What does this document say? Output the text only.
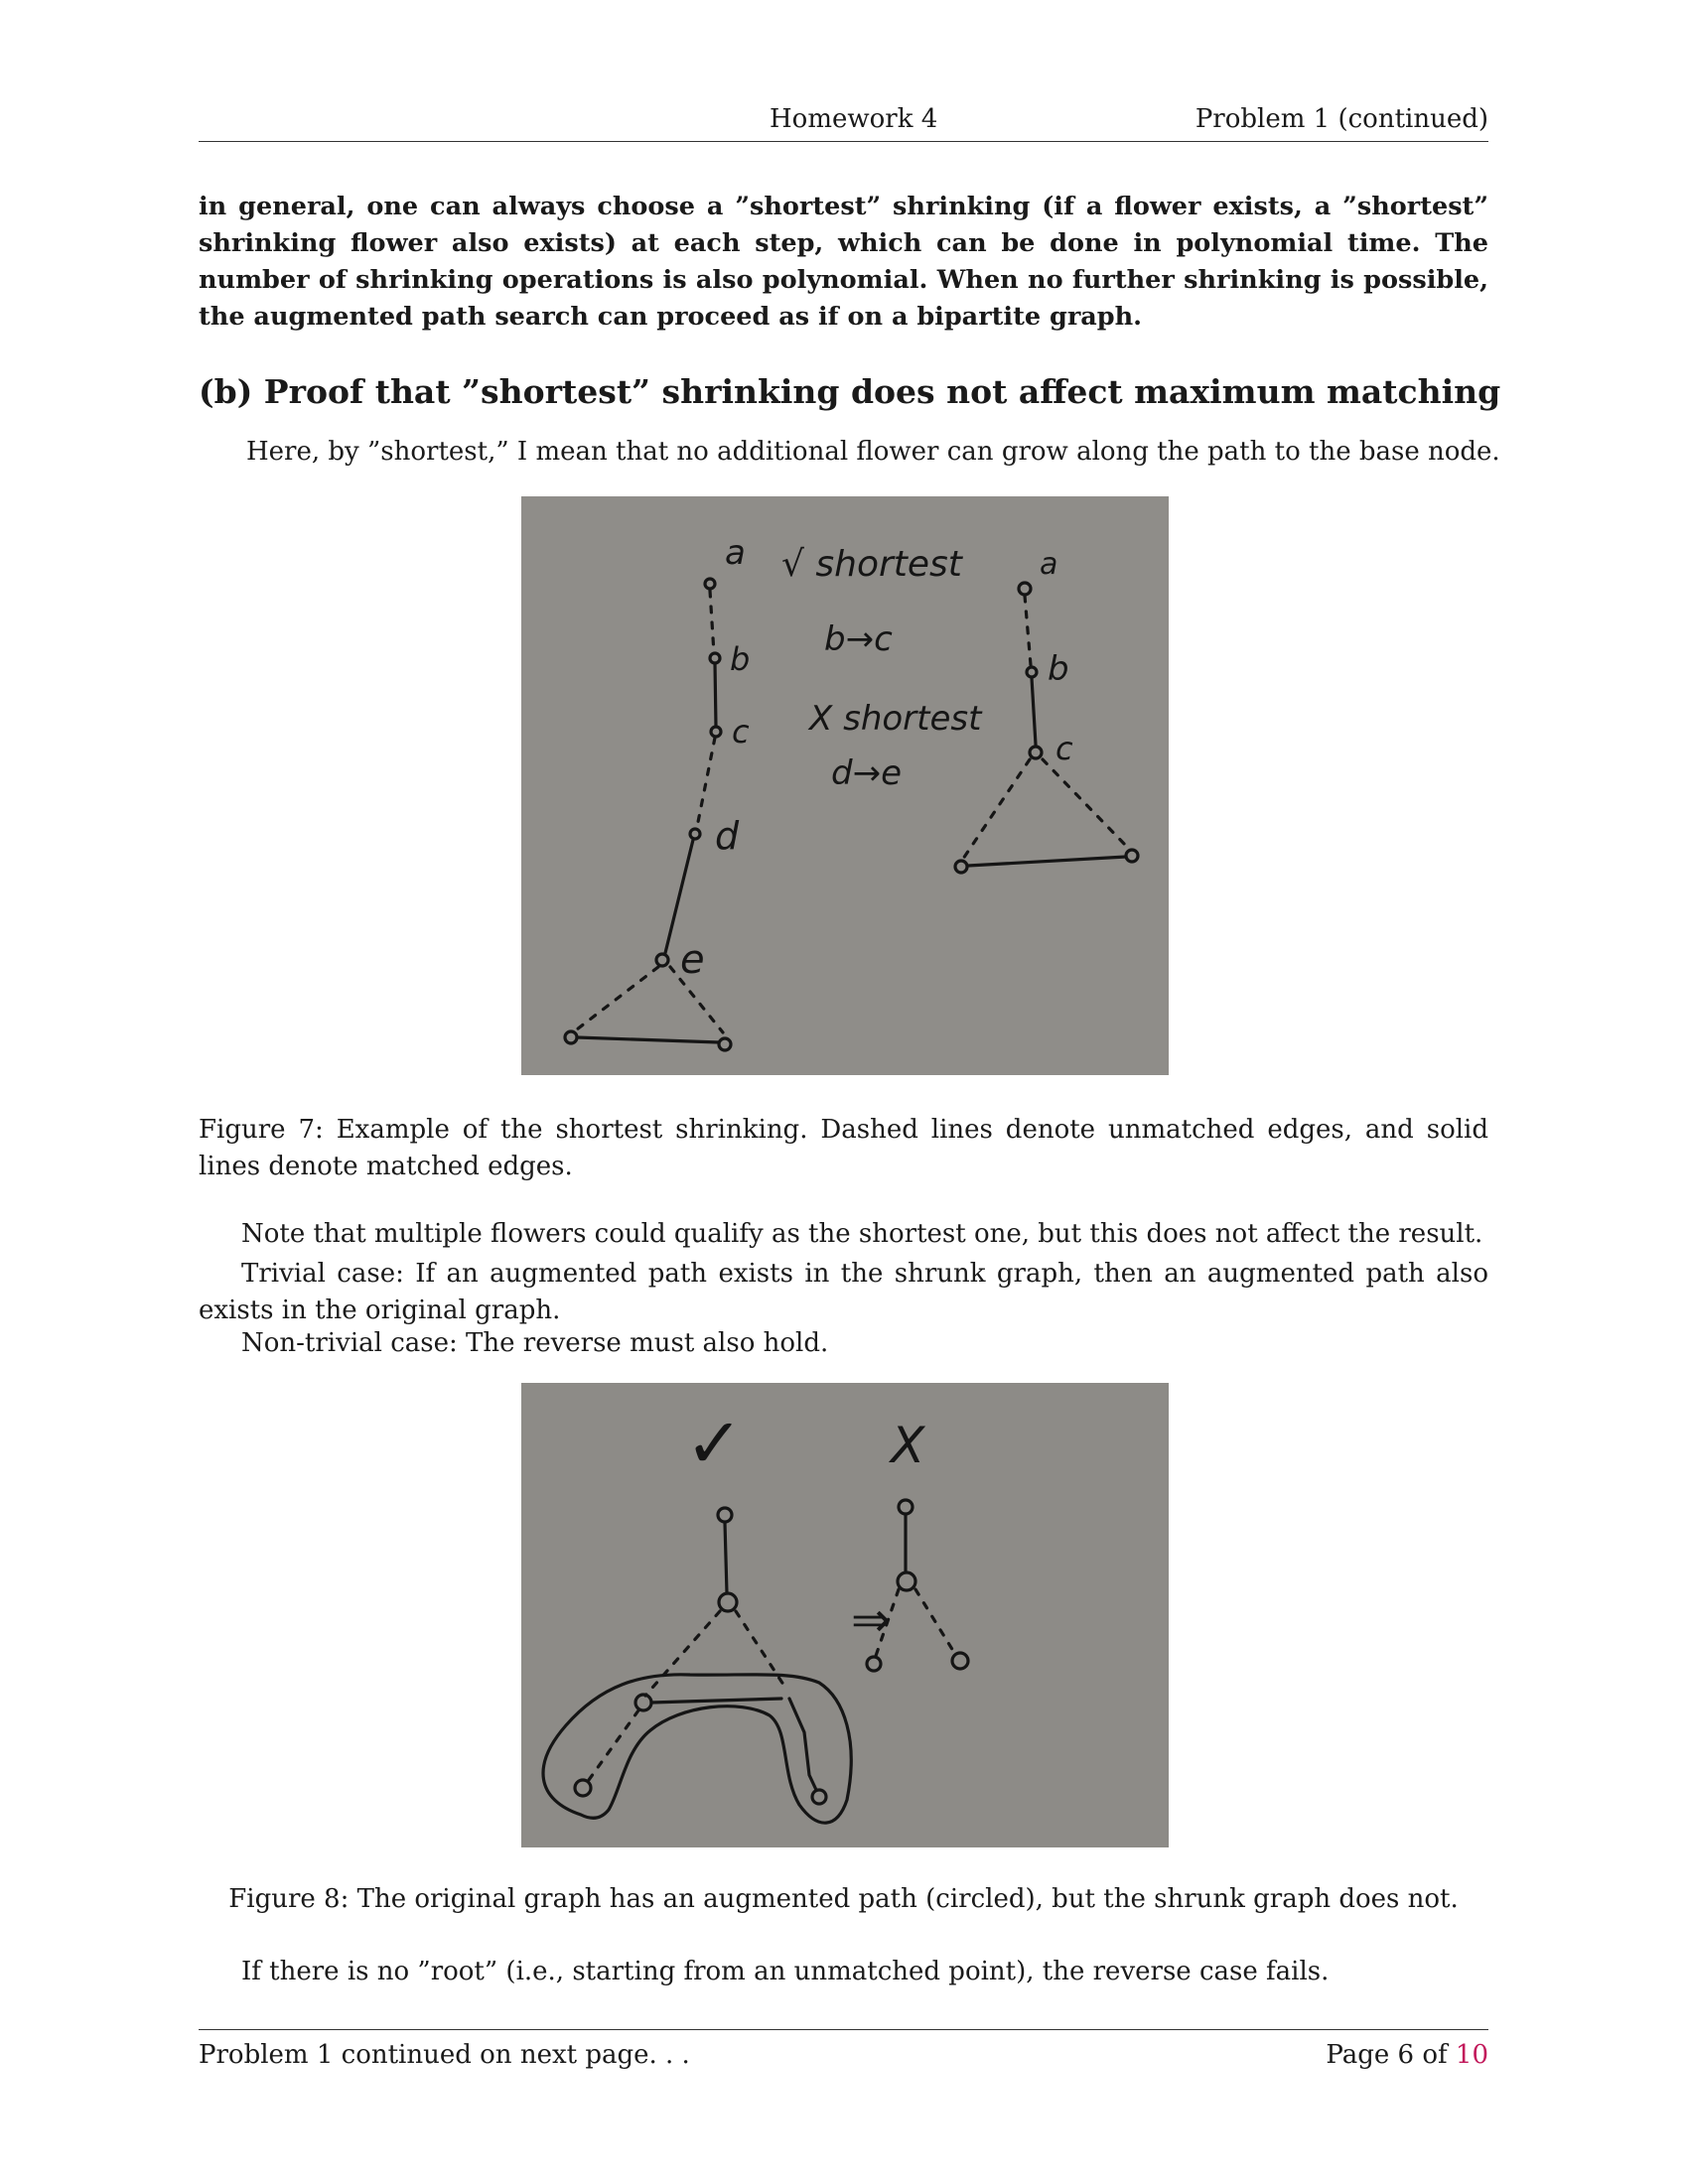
Homework 4	Problem 1 (continued)
in general, one can always choose a ”shortest” shrinking (if a flower exists, a ”shortest” shrinking flower also exists) at each step, which can be done in polynomial time. The number of shrinking operations is also polynomial. When no further shrinking is possible, the augmented path search can proceed as if on a bipartite graph.
(b) Proof that ”shortest” shrinking does not affect maximum matching
Here, by ”shortest,” I mean that no additional flower can grow along the path to the base node.
a
b
c
d
e
√ shortest
b→c
X shortest
d→e
a
b
c
Figure 7: Example of the shortest shrinking. Dashed lines denote unmatched edges, and solid lines denote matched edges.
Note that multiple flowers could qualify as the shortest one, but this does not affect the result.
Trivial case: If an augmented path exists in the shrunk graph, then an augmented path also exists in the original graph.
Non-trivial case: The reverse must also hold.
✓	X
⇒
Figure 8: The original graph has an augmented path (circled), but the shrunk graph does not.
If there is no ”root” (i.e., starting from an unmatched point), the reverse case fails.
Problem 1 continued on next page. . .	Page 6 of 10
